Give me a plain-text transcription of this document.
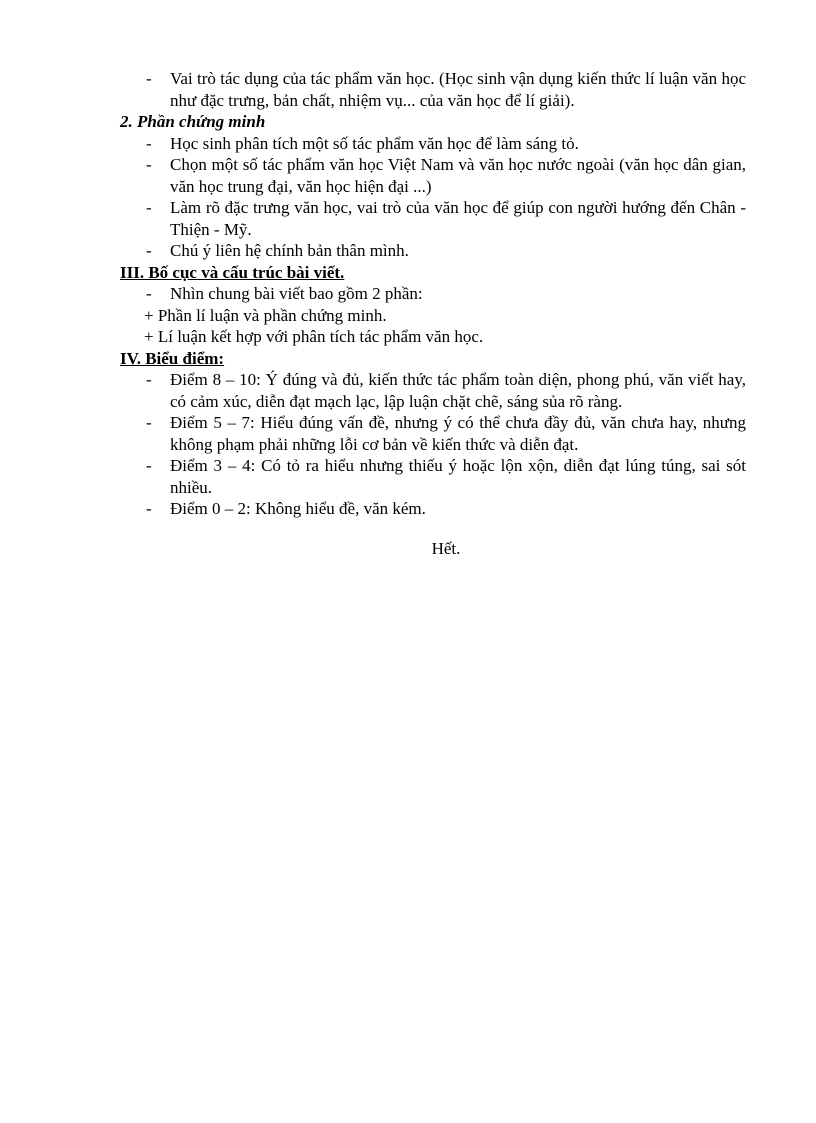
-	Vai trò tác dụng của tác phẩm văn học. (Học sinh vận dụng kiến thức lí luận văn học như đặc trưng, bản chất, nhiệm vụ... của văn học để lí giải).

2. Phần chứng minh

-	Học sinh phân tích một số tác phẩm văn học để làm sáng tỏ.
-	Chọn một số tác phẩm văn học Việt Nam và văn học nước ngoài (văn học dân gian, văn học trung đại, văn học hiện đại ...)
-	Làm rõ đặc trưng văn học, vai trò của văn học để giúp con người hướng đến Chân - Thiện - Mỹ.
-	Chú ý liên hệ chính bản thân mình.

III. Bố cục và cấu trúc bài viết.

-	Nhìn chung bài viết bao gồm 2 phần:

+ Phần lí luận và phần chứng minh.

+ Lí luận kết hợp với phân tích tác phẩm văn học.

IV. Biểu điểm:

-	Điểm 8 – 10: Ý đúng và đủ, kiến thức tác phẩm toàn diện, phong phú, văn viết hay, có cảm xúc, diễn đạt mạch lạc, lập luận chặt chẽ, sáng sủa rõ ràng.
-	Điểm 5 – 7: Hiểu đúng vấn đề, nhưng ý có thể chưa đầy đủ, văn chưa hay, nhưng không phạm phải những lỗi cơ bản về kiến thức và diễn đạt.
-	Điểm 3 – 4: Có tỏ ra hiểu nhưng thiếu ý hoặc lộn xộn, diễn đạt lúng túng, sai sót nhiều.
-	Điểm 0 – 2: Không hiểu đề, văn kém.

Hết.
